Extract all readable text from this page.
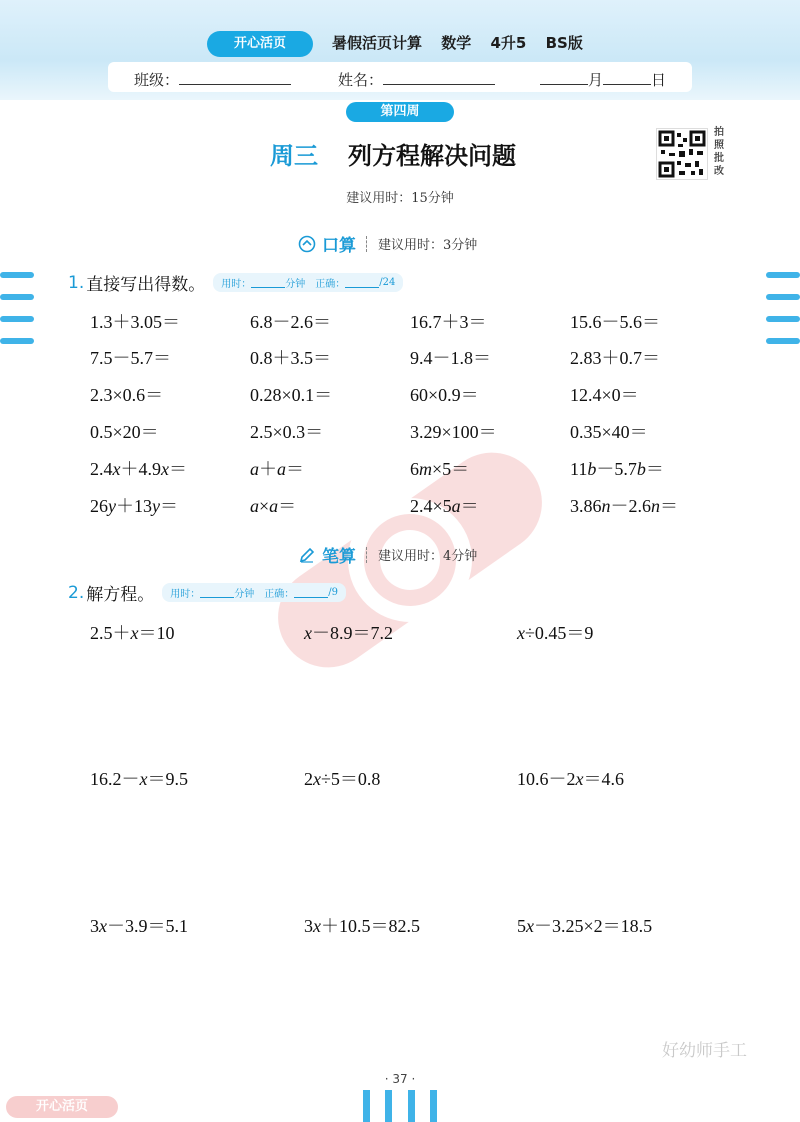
开心活页	暑假活页计算 数学 4升5 BS版
班级：	姓名：	月	日
第四周
周三 列方程解决问题
建议用时：15分钟
拍照批改
口算 建议用时：3分钟
1. 直接写出得数。 用时：	分钟 正确：	/24
1.3＋3.05＝	6.8－2.6＝	16.7＋3＝	15.6－5.6＝
7.5－5.7＝	0.8＋3.5＝	9.4－1.8＝	2.83＋0.7＝
2.3×0.6＝	0.28×0.1＝	60×0.9＝	12.4×0＝
0.5×20＝	2.5×0.3＝	3.29×100＝	0.35×40＝
2.4x＋4.9x＝	a＋a＝	6m×5＝	11b－5.7b＝
26y＋13y＝	a×a＝	2.4×5a＝	3.86n－2.6n＝
笔算 建议用时：4分钟
2. 解方程。 用时：	分钟 正确：	/9
2.5＋x＝10	x－8.9＝7.2	x÷0.45＝9
16.2－x＝9.5	2x÷5＝0.8	10.6－2x＝4.6
3x－3.9＝5.1	3x＋10.5＝82.5	5x－3.25×2＝18.5
好幼师手工
· 37 ·
开心活页
